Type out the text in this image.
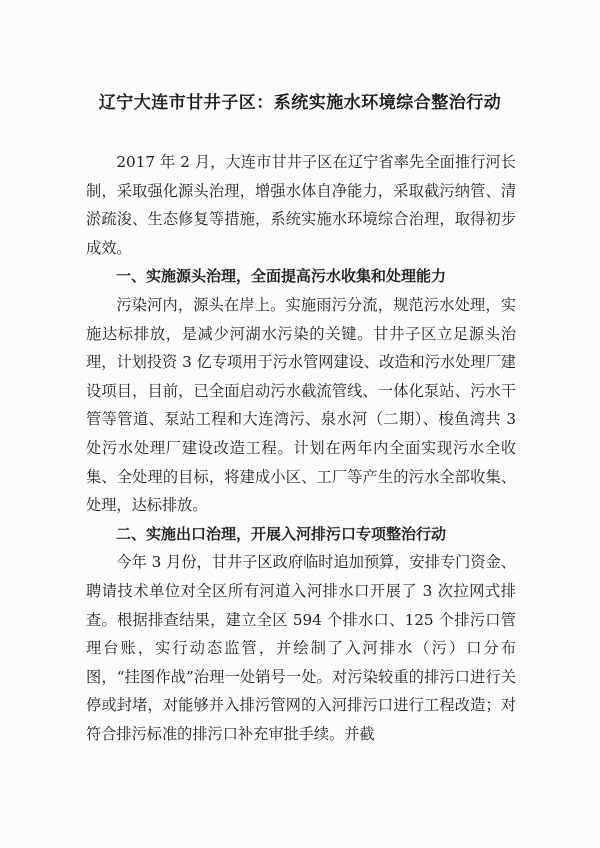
辽宁大连市甘井子区：系统实施水环境综合整治行动

2017 年 2 月，大连市甘井子区在辽宁省率先全面推行河长制，采取强化源头治理，增强水体自净能力，采取截污纳管、清淤疏浚、生态修复等措施，系统实施水环境综合治理，取得初步成效。

一、实施源头治理，全面提高污水收集和处理能力

污染河内，源头在岸上。实施雨污分流，规范污水处理，实施达标排放，是减少河湖水污染的关键。甘井子区立足源头治理，计划投资 3 亿专项用于污水管网建设、改造和污水处理厂建设项目，目前，已全面启动污水截流管线、一体化泵站、污水干管等管道、泵站工程和大连湾污、泉水河（二期）、梭鱼湾共 3 处污水处理厂建设改造工程。计划在两年内全面实现污水全收集、全处理的目标，将建成小区、工厂等产生的污水全部收集、处理，达标排放。

二、实施出口治理，开展入河排污口专项整治行动

今年 3 月份，甘井子区政府临时追加预算，安排专门资金、聘请技术单位对全区所有河道入河排水口开展了 3 次拉网式排查。根据排查结果，建立全区 594 个排水口、125 个排污口管理台账，实行动态监管，并绘制了入河排水（污）口分布图，“挂图作战”治理一处销号一处。对污染较重的排污口进行关停或封堵，对能够并入排污管网的入河排污口进行工程改造；对符合排污标准的排污口补充审批手续。并截
